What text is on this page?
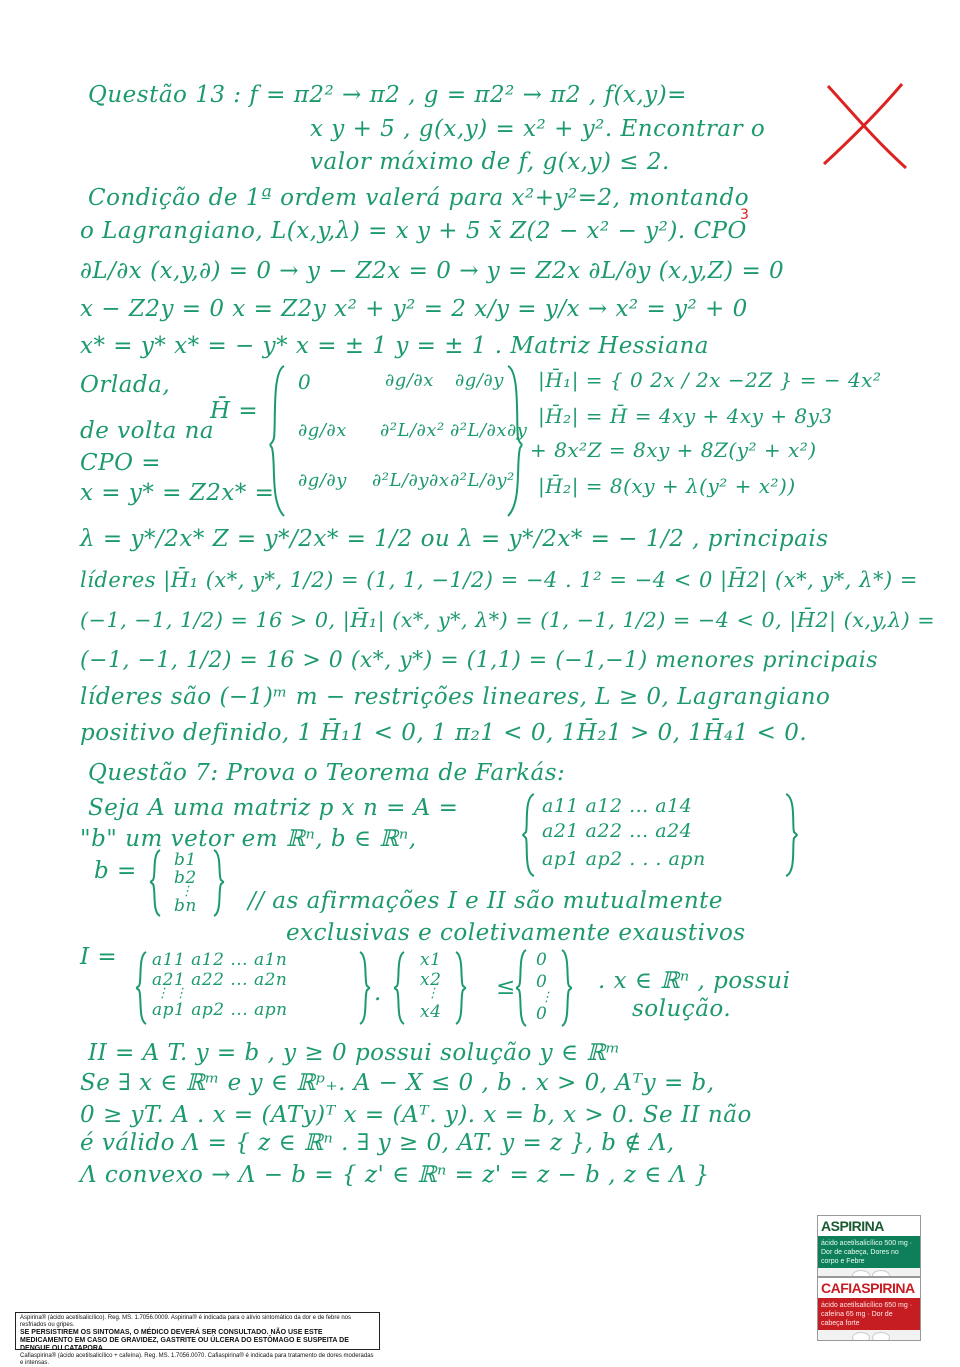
3
Questão 13 : f = π2² → π2 , g = π2² → π2 , f(x,y)=
x y + 5 , g(x,y) = x² + y². Encontrar o
valor máximo de f, g(x,y) ≤ 2.
Condição de 1ª ordem valerá para x²+y²=2, montando
o Lagrangiano, L(x,y,λ) = x y + 5 x̄ Z(2 − x² − y²). CPO
∂L/∂x (x,y,∂) = 0 → y − Z2x = 0 → y = Z2x ∂L/∂y (x,y,Z) = 0
x − Z2y = 0 x = Z2y x² + y² = 2 x/y = y/x → x² = y² + 0
x* = y* x* = − y* x = ± 1 y = ± 1 . Matriz Hessiana
Orlada,
H̄ =
de volta na
CPO =
x = y* = Z2x* =
0	∂g/∂x ∂g/∂y
∂g/∂x ∂²L/∂x² ∂²L/∂x∂y
∂g/∂y ∂²L/∂y∂x ∂²L/∂y²
|H̄₁| = { 0 2x / 2x −2Z } = − 4x²
|H̄₂| = H̄ = 4xy + 4xy + 8y3
+ 8x²Z = 8xy + 8Z(y² + x²)
|H̄₂| = 8(xy + λ(y² + x²))
λ = y*/2x* Z = y*/2x* = 1/2 ou λ = y*/2x* = − 1/2 , principais
líderes |H̄₁ (x*, y*, 1/2) = (1, 1, −1/2) = −4 . 1² = −4 < 0 |H̄2| (x*, y*, λ*) =
(−1, −1, 1/2) = 16 > 0, |H̄₁| (x*, y*, λ*) = (1, −1, 1/2) = −4 < 0, |H̄2| (x,y,λ) =
(−1, −1, 1/2) = 16 > 0 (x*, y*) = (1,1) = (−1,−1) menores principais
líderes são (−1)ᵐ m − restrições lineares, L ≥ 0, Lagrangiano
positivo definido, 1 H̄₁1 < 0, 1 π₂1 < 0, 1H̄₂1 > 0, 1H̄₄1 < 0.
Questão 7: Prova o Teorema de Farkás:
Seja A uma matriz p x n = A =
"b" um vetor em ℝⁿ, b ∈ ℝⁿ,
b =
a11 a12 ... a14
a21 a22 ... a24
ap1 ap2 . . . apn
b1
b2
⋮
bn // as afirmações I e II são mutualmente
exclusivas e coletivamente exaustivos
I = a11 a12 ... a1n
a21 a22 ... a2n
⋮ ⋮
ap1 ap2 ... apn
.
x1
x2
⋮
x4
≤
0
0
⋮
0
. x ∈ ℝⁿ , possui
solução.
II = A T. y = b , y ≥ 0 possui solução y ∈ ℝᵐ
Se ∃ x ∈ ℝᵐ e y ∈ ℝᵖ₊. A − X ≤ 0 , b . x > 0, Aᵀy = b,
0 ≥ yT. A . x = (ATy)ᵀ x = (Aᵀ. y). x = b, x > 0. Se II não
é válido Λ = { z ∈ ℝⁿ . ∃ y ≥ 0, AT. y = z }, b ∉ Λ,
Λ convexo → Λ − b = { z' ∈ ℝⁿ = z' = z − b , z ∈ Λ }
ASPIRINA
ácido acetilsalicílico 500 mg · Dor de cabeça, Dores no corpo e Febre
CAFIASPIRINA
ácido acetilsalicílico 650 mg · cafeína 65 mg · Dor de cabeça forte
Aspirina® (ácido acetilsalicílico). Reg. MS. 1.7056.0009. Aspirina® é indicada para o alívio sintomático da dor e de febre nos resfriados ou gripes.
SE PERSISTIREM OS SINTOMAS, O MÉDICO DEVERÁ SER CONSULTADO. NÃO USE ESTE MEDICAMENTO EM CASO DE GRAVIDEZ, GASTRITE OU ÚLCERA DO ESTÔMAGO E SUSPEITA DE DENGUE OU CATAPORA.
Cafiaspirina® (ácido acetilsalicílico + cafeína). Reg. MS. 1.7056.0070. Cafiaspirina® é indicada para tratamento de dores moderadas e intensas.
